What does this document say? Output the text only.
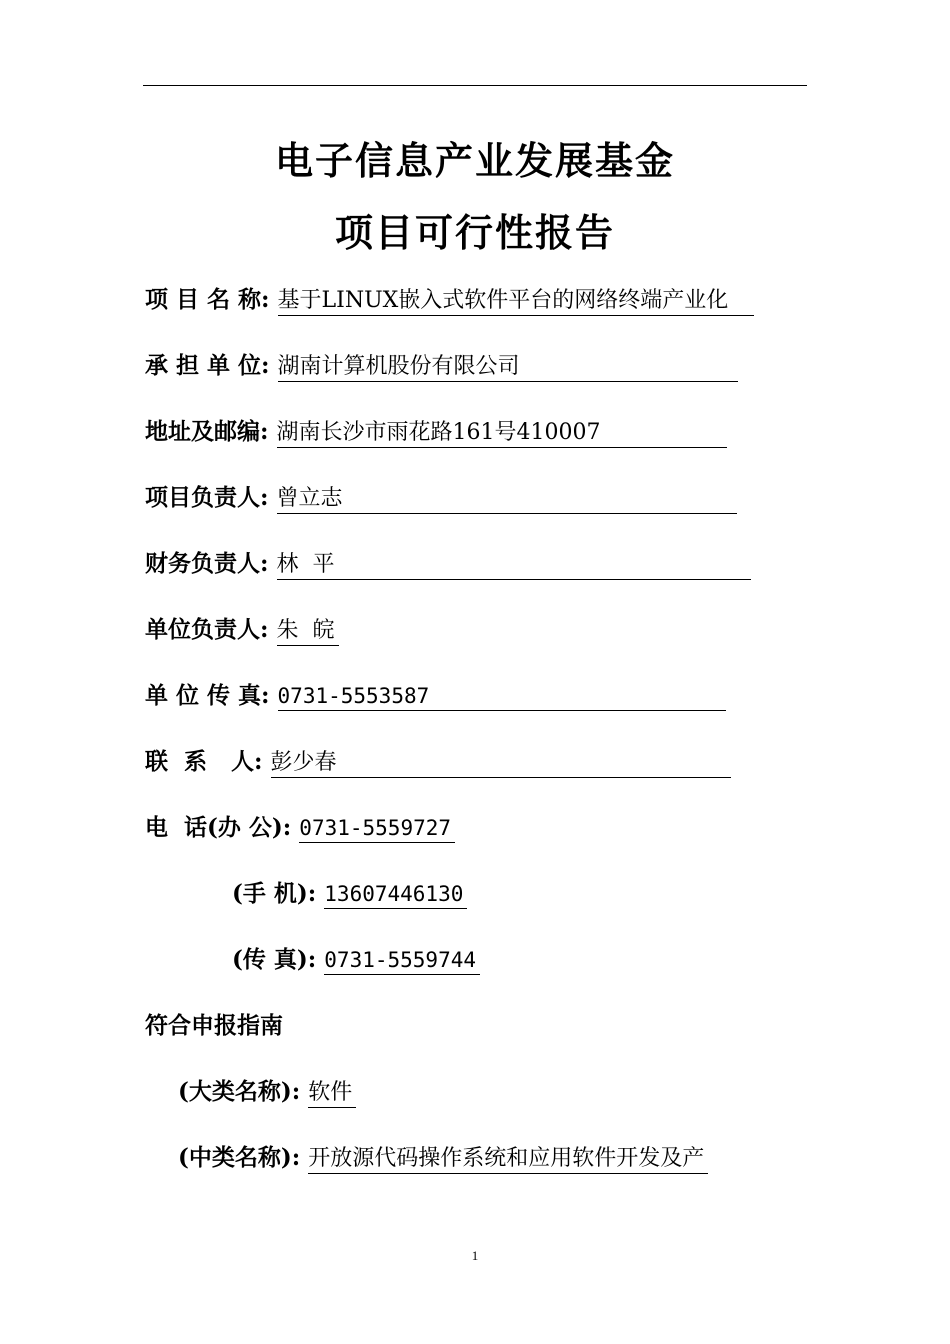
电子信息产业发展基金
项目可行性报告
项 目 名 称: 基于LINUX嵌入式软件平台的网络终端产业化
承 担 单 位: 湖南计算机股份有限公司
地址及邮编: 湖南长沙市雨花路161号410007
项目负责人: 曾立志
财务负责人: 林  平
单位负责人: 朱  皖
单 位 传 真: 0731-5553587
联  系   人: 彭少春
电  话(办 公): 0731-5559727
(手 机): 13607446130
(传 真): 0731-5559744
符合申报指南
(大类名称): 软件
(中类名称): 开放源代码操作系统和应用软件开发及产
1
